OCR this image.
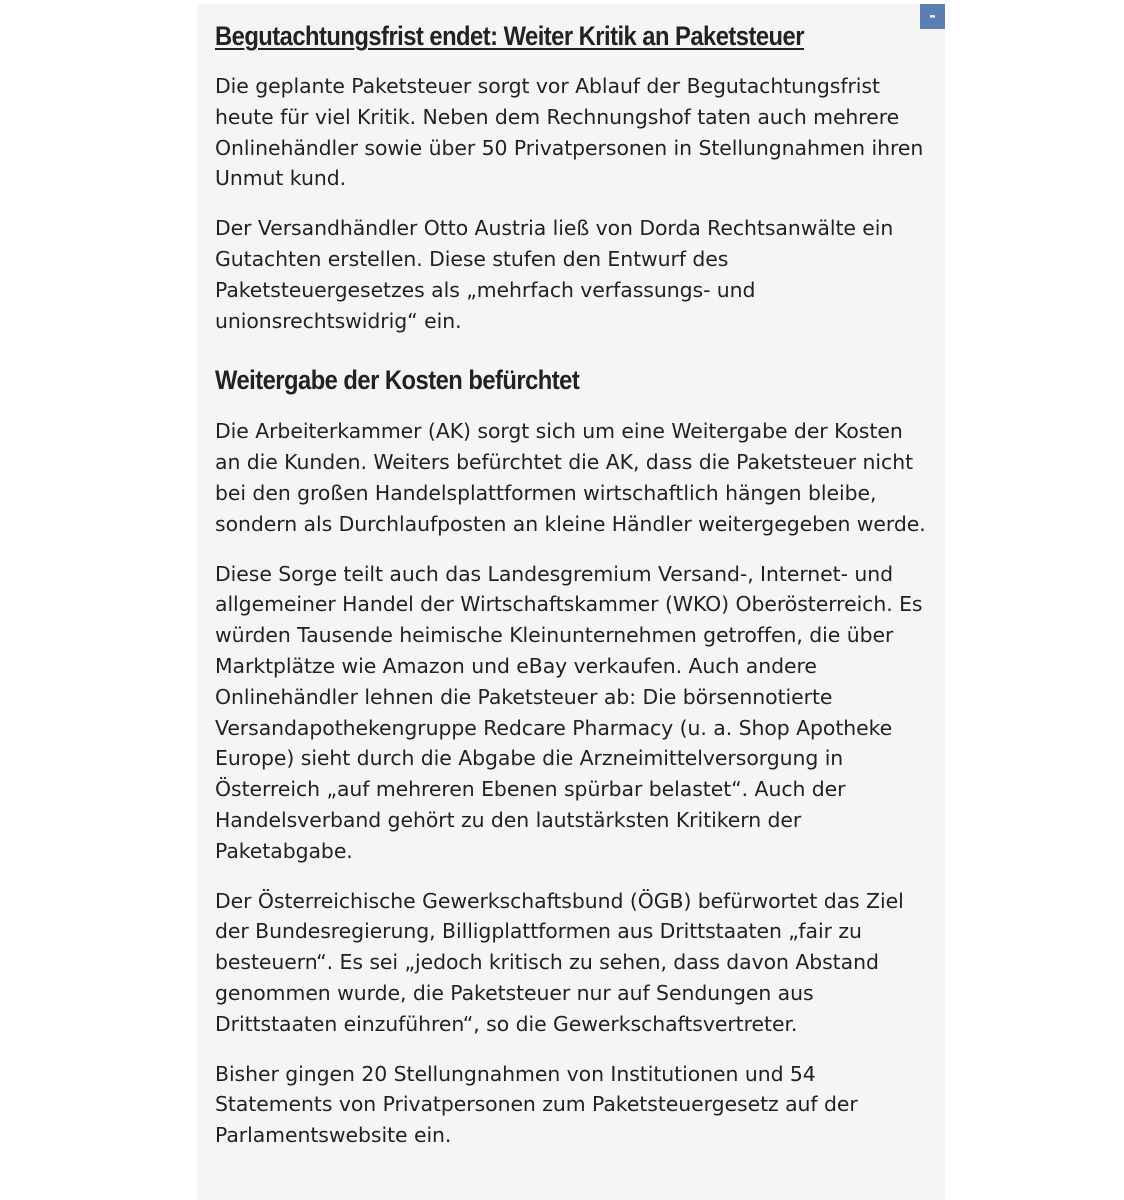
Begutachtungsfrist endet: Weiter Kritik an Paketsteuer

Die geplante Paketsteuer sorgt vor Ablauf der Begutachtungsfrist heute für viel Kritik. Neben dem Rechnungshof taten auch mehrere Onlinehändler sowie über 50 Privatpersonen in Stellungnahmen ihren Unmut kund.

Der Versandhändler Otto Austria ließ von Dorda Rechtsanwälte ein Gutachten erstellen. Diese stufen den Entwurf des Paketsteuergesetzes als „mehrfach verfassungs- und unionsrechtswidrig“ ein.

Weitergabe der Kosten befürchtet

Die Arbeiterkammer (AK) sorgt sich um eine Weitergabe der Kosten an die Kunden. Weiters befürchtet die AK, dass die Paketsteuer nicht bei den großen Handelsplattformen wirtschaftlich hängen bleibe, sondern als Durchlaufposten an kleine Händler weitergegeben werde.

Diese Sorge teilt auch das Landesgremium Versand-, Internet- und allgemeiner Handel der Wirtschaftskammer (WKO) Oberösterreich. Es würden Tausende heimische Kleinunternehmen getroffen, die über Marktplätze wie Amazon und eBay verkaufen. Auch andere Onlinehändler lehnen die Paketsteuer ab: Die börsennotierte Versandapothekengruppe Redcare Pharmacy (u. a. Shop Apotheke Europe) sieht durch die Abgabe die Arzneimittelversorgung in Österreich „auf mehreren Ebenen spürbar belastet“. Auch der Handelsverband gehört zu den lautstärksten Kritikern der Paketabgabe.

Der Österreichische Gewerkschaftsbund (ÖGB) befürwortet das Ziel der Bundesregierung, Billigplattformen aus Drittstaaten „fair zu besteuern“. Es sei „jedoch kritisch zu sehen, dass davon Abstand genommen wurde, die Paketsteuer nur auf Sendungen aus Drittstaaten einzuführen“, so die Gewerkschaftsvertreter.

Bisher gingen 20 Stellungnahmen von Institutionen und 54 Statements von Privatpersonen zum Paketsteuergesetz auf der Parlamentswebsite ein.

-
